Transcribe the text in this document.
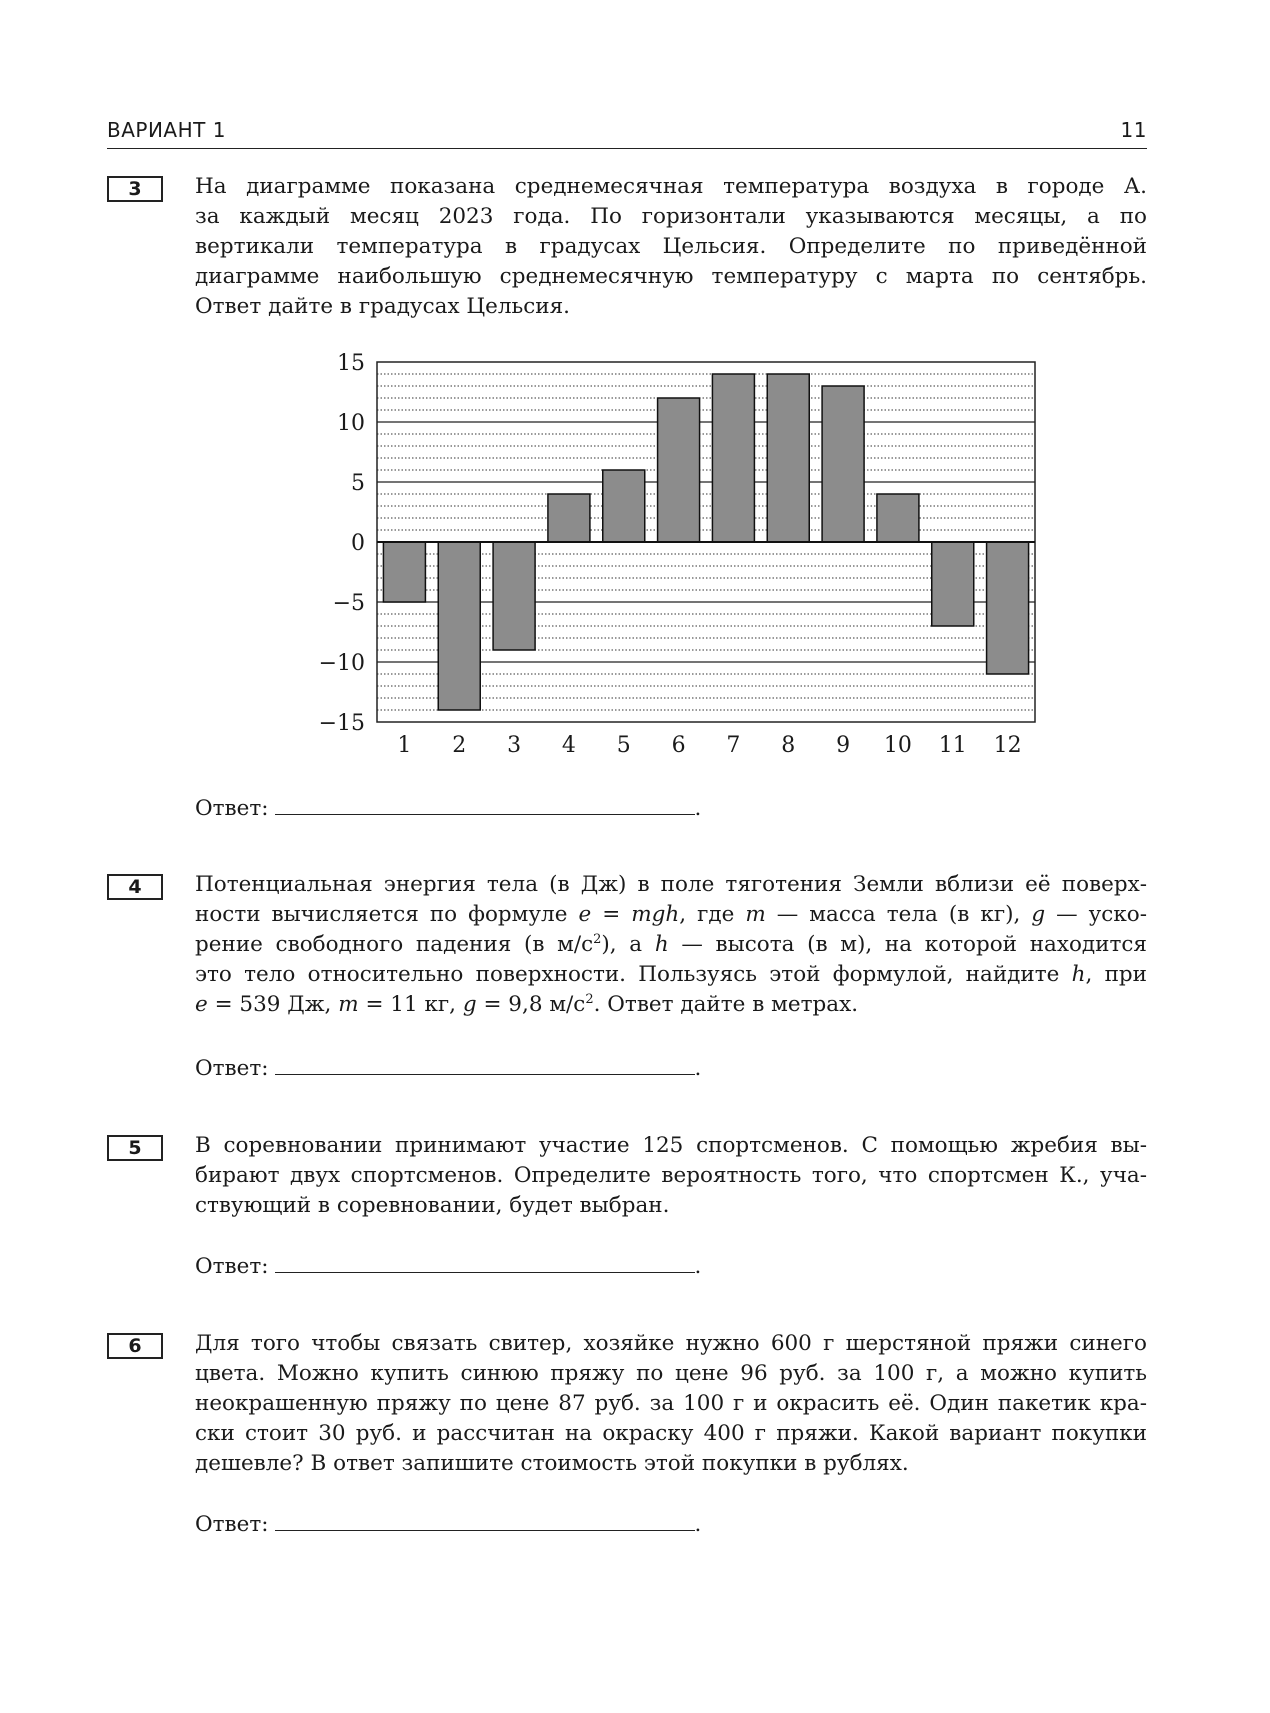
ВАРИАНТ 1	11
3	На диаграмме показана среднемесячная температура воздуха в городе А.
за каждый месяц 2023 года. По горизонтали указываются месяцы, а по
вертикали температура в градусах Цельсия. Определите по приведённой
диаграмме наибольшую среднемесячную температуру с марта по сентябрь.
Ответ дайте в градусах Цельсия.
Ответ:	.
15
10
5
0
−5
−10
−15
1 2 3 4 5 6 7 8 9 10 11 12
4	Потенциальная энергия тела (в Дж) в поле тяготения Земли вблизи её поверх-
ности вычисляется по формуле e = mgh, где m — масса тела (в кг), g — уско-
рение свободного падения (в $м/с^2$), а h — высота (в м), на которой находится
это тело относительно поверхности. Пользуясь этой формулой, найдите h, при
e = 539 Дж, m = 11 кг, g = 9,8 $м/с^2$. Ответ дайте в метрах.
Ответ:	.
5	В соревновании принимают участие 125 спортсменов. С помощью жребия вы-
бирают двух спортсменов. Определите вероятность того, что спортсмен К., уча-
ствующий в соревновании, будет выбран.
Ответ:	.
6	Для того чтобы связать свитер, хозяйке нужно 600 г шерстяной пряжи синего
цвета. Можно купить синюю пряжу по цене 96 руб. за 100 г, а можно купить
неокрашенную пряжу по цене 87 руб. за 100 г и окрасить её. Один пакетик кра-
ски стоит 30 руб. и рассчитан на окраску 400 г пряжи. Какой вариант покупки
дешевле? В ответ запишите стоимость этой покупки в рублях.
Ответ:	.
